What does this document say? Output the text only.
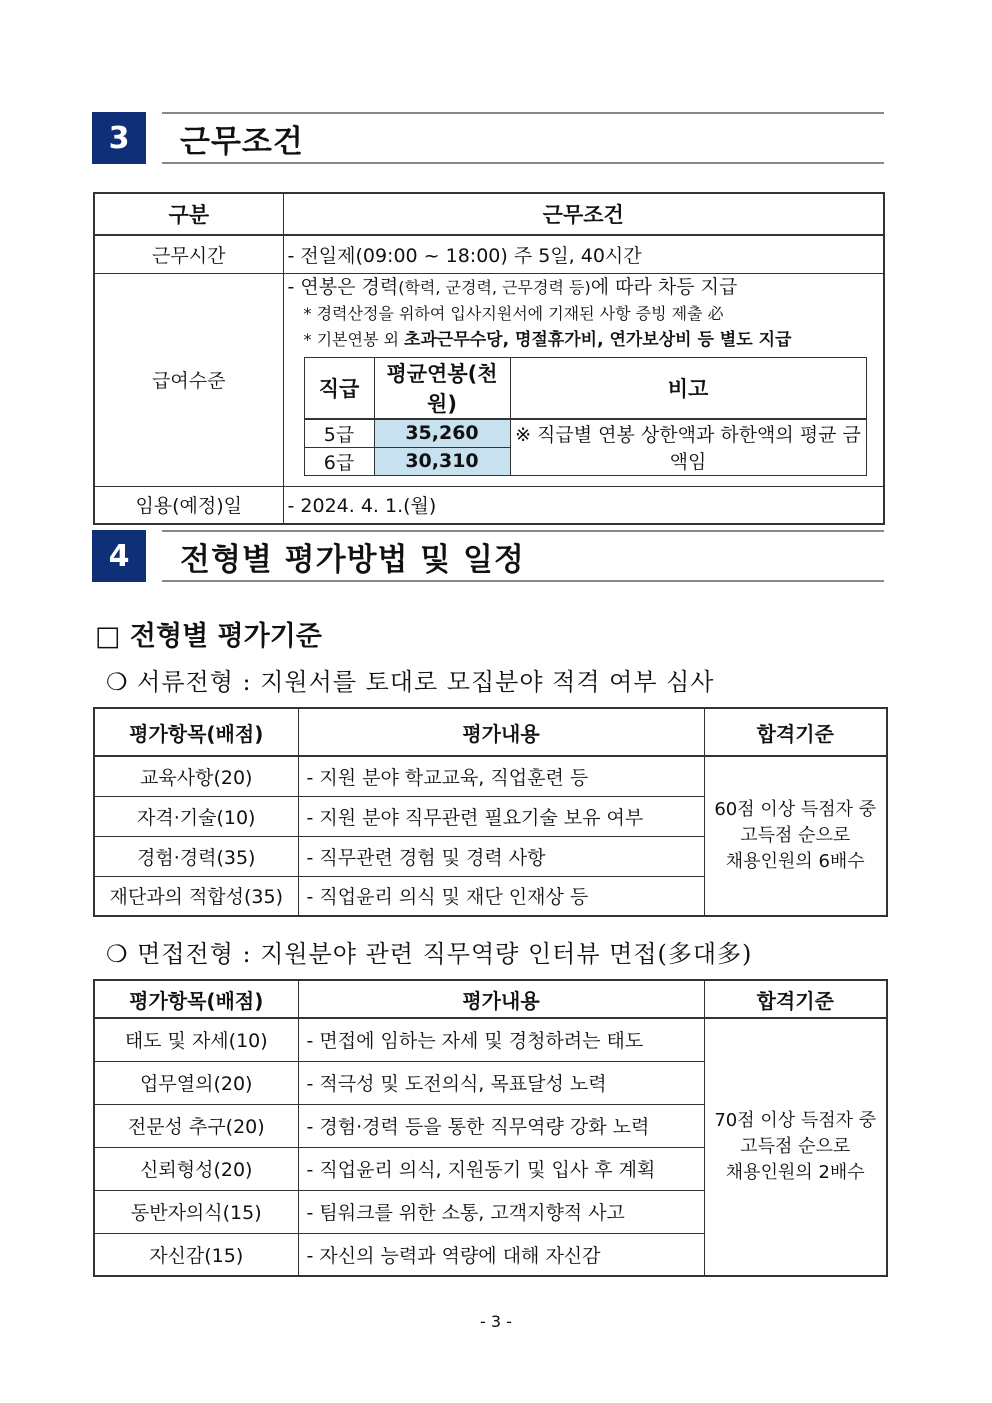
3	근무조건
구분	근무조건
근무시간	- 전일제(09:00 ~ 18:00) 주 5일, 40시간
급여수준	
- 연봉은 경력(학력, 군경력, 근무경력 등)에 따라 차등 지급
* 경력산정을 위하여 입사지원서에 기재된 사항 증빙 제출 必
* 기본연봉 외 초과근무수당, 명절휴가비, 연가보상비 등 별도 지급
직급	평균연봉(천원)	비고
5급	35,260	※ 직급별 연봉 상한액과 하한액의 평균 금액임
6급	30,310

임용(예정)일	- 2024. 4. 1.(월)
4	전형별 평가방법 및 일정
□ 전형별 평가기준
❍ 서류전형 : 지원서를 토대로 모집분야 적격 여부 심사
평가항목(배점)	평가내용	합격기준
교육사항(20)	- 지원 분야 학교교육, 직업훈련 등	60점 이상 득점자 중
고득점 순으로
채용인원의 6배수

자격·기술(10)	- 지원 분야 직무관련 필요기술 보유 여부	
경험·경력(35)	- 직무관련 경험 및 경력 사항	
재단과의 적합성(35)	- 직업윤리 의식 및 재단 인재상 등	
❍ 면접전형 : 지원분야 관련 직무역량 인터뷰 면접(多대多)
평가항목(배점)	평가내용	합격기준
태도 및 자세(10)	- 면접에 임하는 자세 및 경청하려는 태도	70점 이상 득점자 중
고득점 순으로
채용인원의 2배수

업무열의(20)	- 적극성 및 도전의식, 목표달성 노력	
전문성 추구(20)	- 경험·경력 등을 통한 직무역량 강화 노력	
신뢰형성(20)	- 직업윤리 의식, 지원동기 및 입사 후 계획	
동반자의식(15)	- 팀워크를 위한 소통, 고객지향적 사고	
자신감(15)	- 자신의 능력과 역량에 대해 자신감	
- 3 -
